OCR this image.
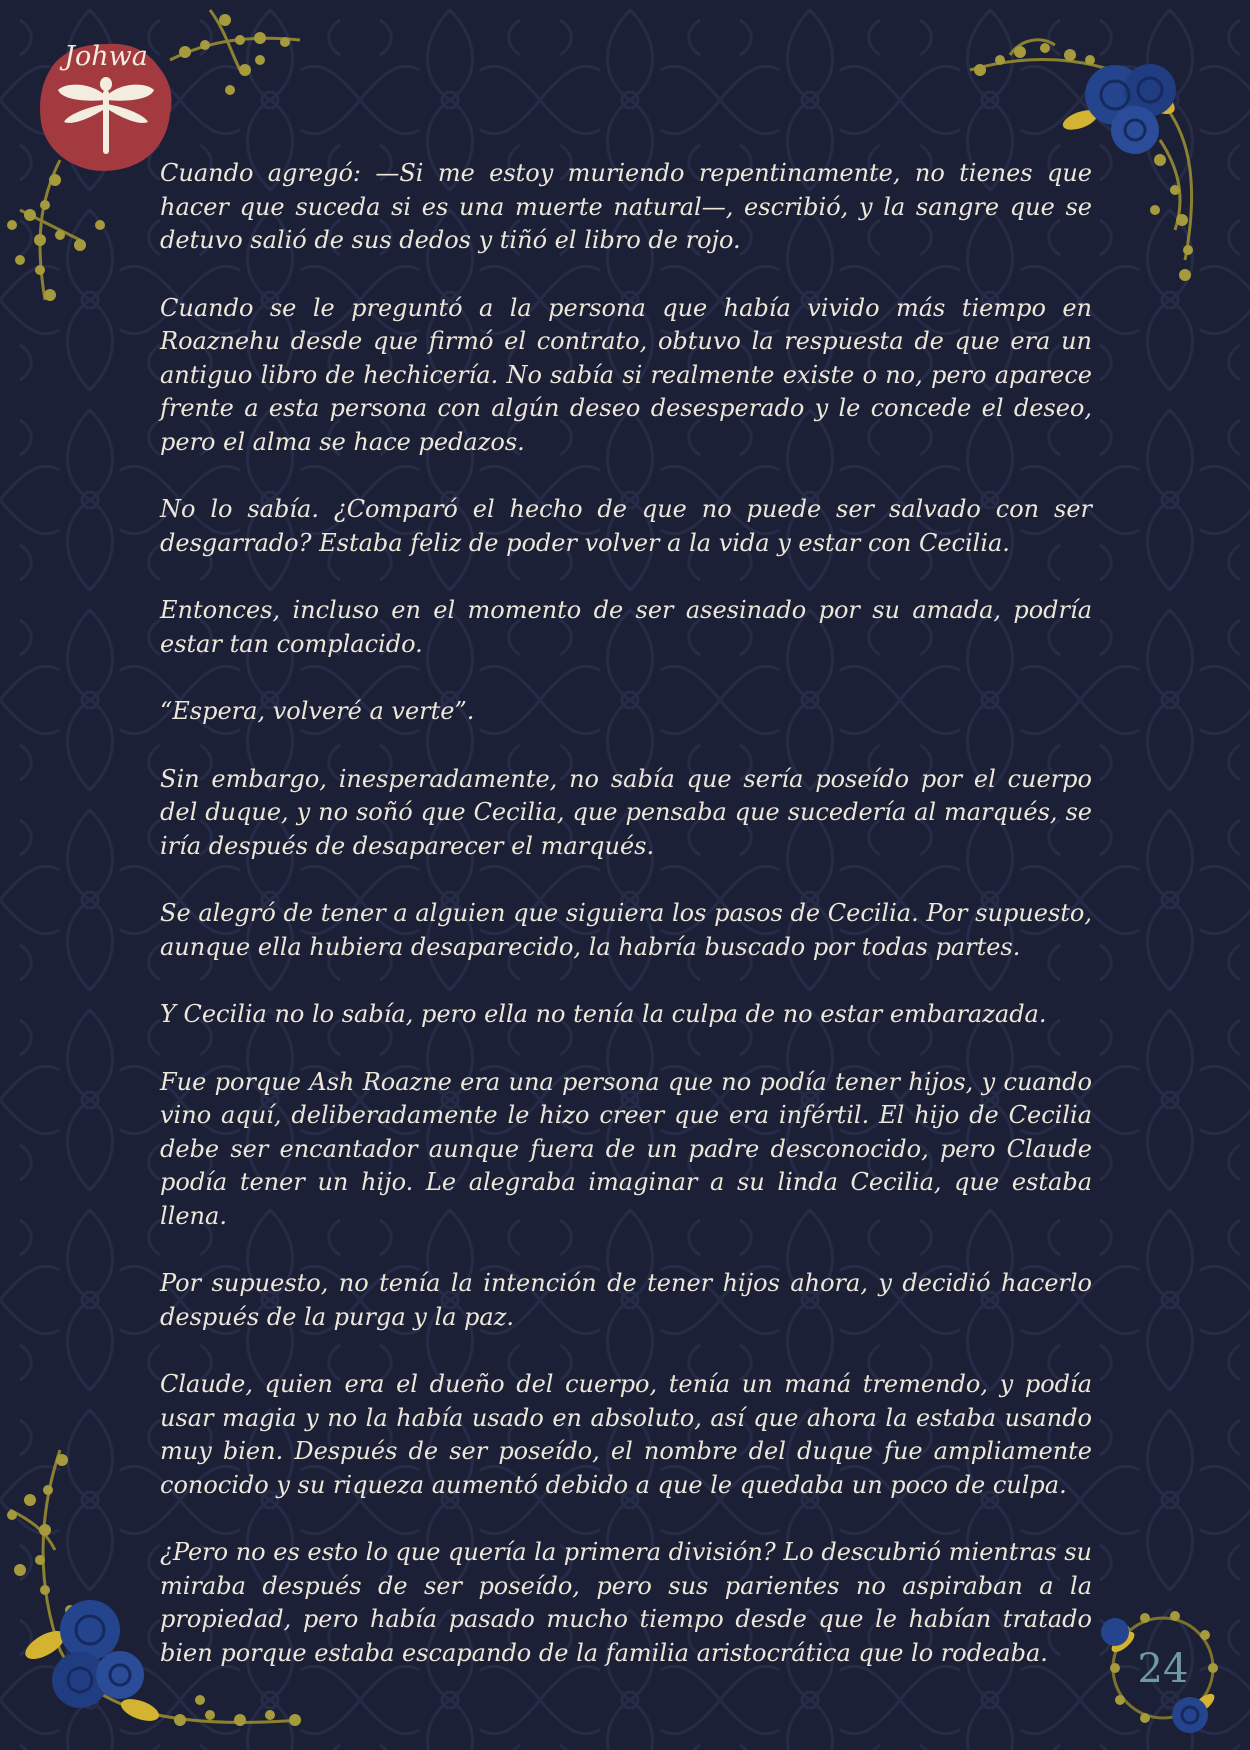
Johwa

Cuando agregó: —Si me estoy muriendo repentinamente, no tienes que hacer que suceda si es una muerte natural—, escribió, y la sangre que se detuvo salió de sus dedos y tiñó el libro de rojo.

Cuando se le preguntó a la persona que había vivido más tiempo en Roaznehu desde que firmó el contrato, obtuvo la respuesta de que era un antiguo libro de hechicería. No sabía si realmente existe o no, pero aparece frente a esta persona con algún deseo desesperado y le concede el deseo, pero el alma se hace pedazos.

No lo sabía. ¿Comparó el hecho de que no puede ser salvado con ser desgarrado? Estaba feliz de poder volver a la vida y estar con Cecilia.

Entonces, incluso en el momento de ser asesinado por su amada, podría estar tan complacido.

“Espera, volveré a verte”.

Sin embargo, inesperadamente, no sabía que sería poseído por el cuerpo del duque, y no soñó que Cecilia, que pensaba que sucedería al marqués, se iría después de desaparecer el marqués.

Se alegró de tener a alguien que siguiera los pasos de Cecilia. Por supuesto, aunque ella hubiera desaparecido, la habría buscado por todas partes.

Y Cecilia no lo sabía, pero ella no tenía la culpa de no estar embarazada.

Fue porque Ash Roazne era una persona que no podía tener hijos, y cuando vino aquí, deliberadamente le hizo creer que era infértil. El hijo de Cecilia debe ser encantador aunque fuera de un padre desconocido, pero Claude podía tener un hijo. Le alegraba imaginar a su linda Cecilia, que estaba llena.

Por supuesto, no tenía la intención de tener hijos ahora, y decidió hacerlo después de la purga y la paz.

Claude, quien era el dueño del cuerpo, tenía un maná tremendo, y podía usar magia y no la había usado en absoluto, así que ahora la estaba usando muy bien. Después de ser poseído, el nombre del duque fue ampliamente conocido y su riqueza aumentó debido a que le quedaba un poco de culpa.

¿Pero no es esto lo que quería la primera división? Lo descubrió mientras su miraba después de ser poseído, pero sus parientes no aspiraban a la propiedad, pero había pasado mucho tiempo desde que le habían tratado bien porque estaba escapando de la familia aristocrática que lo rodeaba.	24
